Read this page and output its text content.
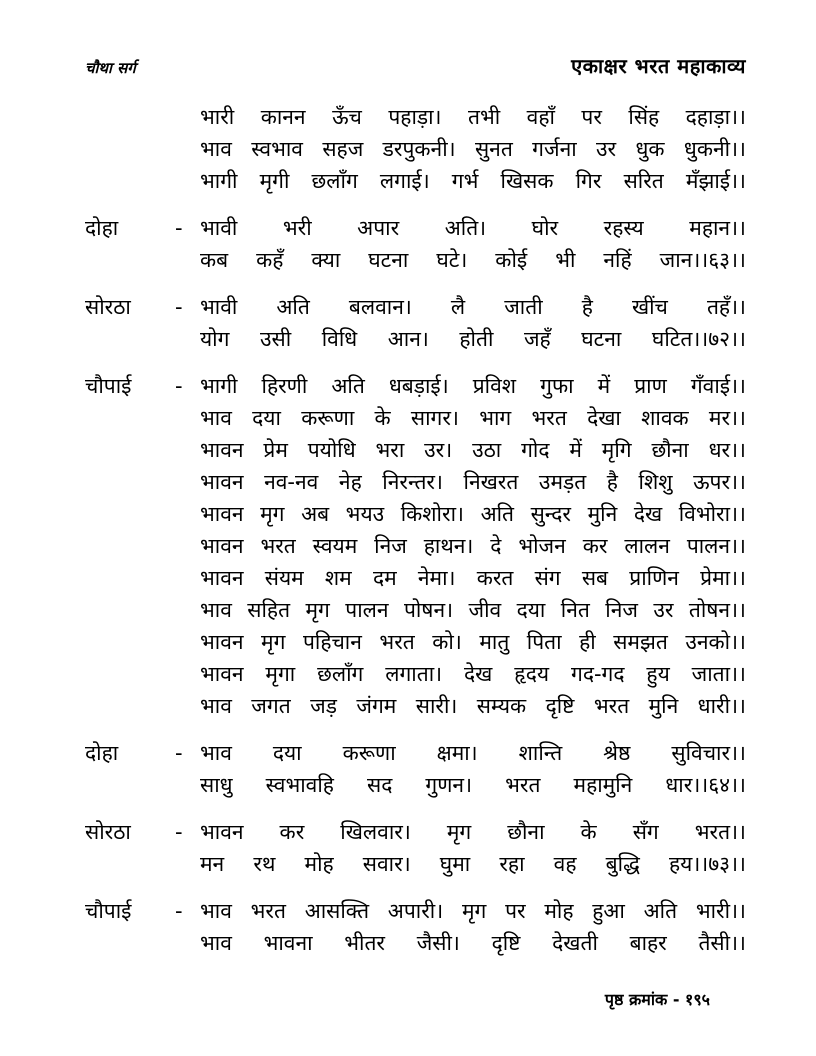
चौथा सर्ग	एकाक्षर भरत महाकाव्य
भारी कानन ऊँच पहाड़ा। तभी वहाँ पर सिंह दहाड़ा।।
भाव स्वभाव सहज डरपुकनी। सुनत गर्जना उर धुक धुकनी।।
भागी मृगी छलाँग लगाई। गर्भ खिसक गिर सरित मँझाई।।
दोहा	- भावी भरी अपार अति। घोर रहस्य महान।।
कब कहँ क्या घटना घटे। कोई भी नहिं जान।।६३।।
सोरठा	- भावी अति बलवान। लै जाती है खींच तहँ।।
योग उसी विधि आन। होती जहँ घटना घटित।।७२।।
चौपाई	- भागी हिरणी अति धबड़ाई। प्रविश गुफा में प्राण गँवाई।।
भाव दया करूणा के सागर। भाग भरत देखा शावक मर।।
भावन प्रेम पयोधि भरा उर। उठा गोद में मृगि छौना धर।।
भावन नव-नव नेह निरन्तर। निखरत उमड़त है शिशु ऊपर।।
भावन मृग अब भयउ किशोरा। अति सुन्दर मुनि देख विभोरा।।
भावन भरत स्वयम निज हाथन। दे भोजन कर लालन पालन।।
भावन संयम शम दम नेमा। करत संग सब प्राणिन प्रेमा।।
भाव सहित मृग पालन पोषन। जीव दया नित निज उर तोषन।।
भावन मृग पहिचान भरत को। मातु पिता ही समझत उनको।।
भावन मृगा छलाँग लगाता। देख हृदय गद-गद हुय जाता।।
भाव जगत जड़ जंगम सारी। सम्यक दृष्टि भरत मुनि धारी।।
दोहा	- भाव दया करूणा क्षमा। शान्ति श्रेष्ठ सुविचार।।
साधु स्वभावहि सद गुणन। भरत महामुनि धार।।६४।।
सोरठा	- भावन कर खिलवार। मृग छौना के सँग भरत।।
मन रथ मोह सवार। घुमा रहा वह बुद्धि हय।।७३।।
चौपाई	- भाव भरत आसक्ति अपारी। मृग पर मोह हुआ अति भारी।।
भाव भावना भीतर जैसी। दृष्टि देखती बाहर तैसी।।
पृष्ठ क्रमांक - १९५
